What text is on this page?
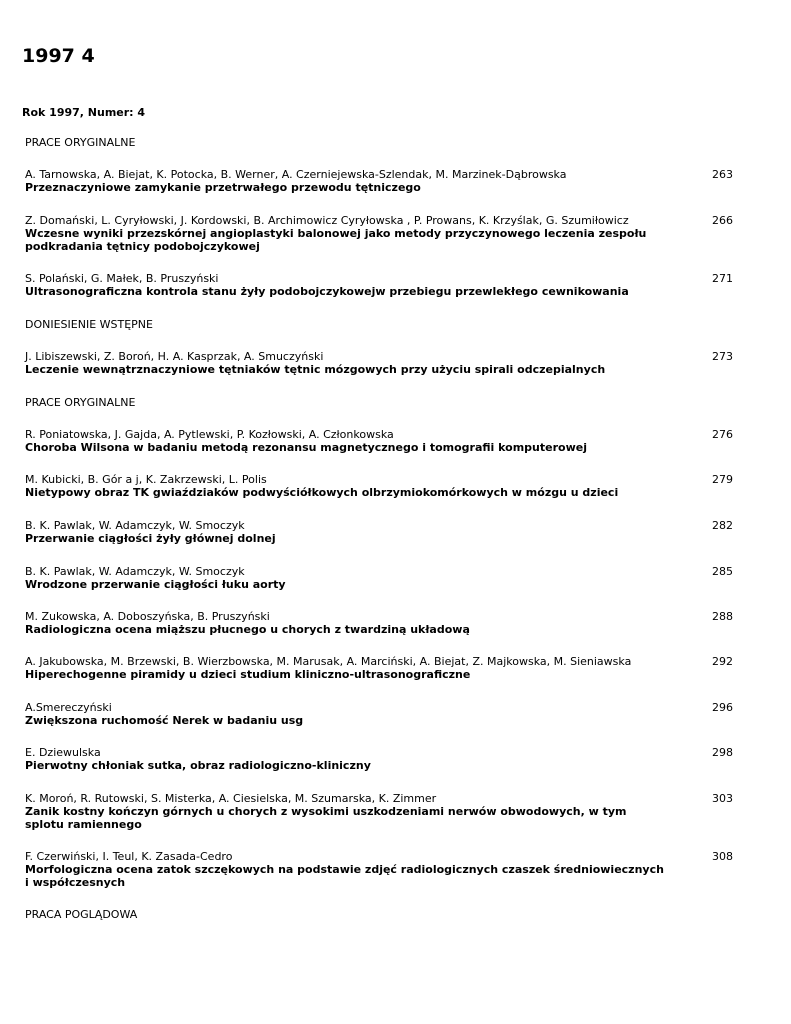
1997 4
Rok 1997, Numer: 4
PRACE ORYGINALNE
A. Tarnowska, A. Biejat, K. Potocka, B. Werner, A. Czerniejewska-Szlendak, M. Marzinek-Dąbrowska
Przeznaczyniowe zamykanie przetrwałego przewodu tętniczego
263
Z. Domański, L. Cyryłowski, J. Kordowski, B. Archimowicz Cyryłowska , P. Prowans, K. Krzyślak, G. Szumiłowicz
Wczesne wyniki przezskórnej angioplastyki balonowej jako metody przyczynowego leczenia zespołu podkradania tętnicy podobojczykowej
266
S. Polański, G. Małek, B. Pruszyński
Ultrasonograficzna kontrola stanu żyły podobojczykowejw przebiegu przewlekłego cewnikowania
271
DONIESIENIE WSTĘPNE
J. Libiszewski, Z. Boroń, H. A. Kasprzak, A. Smuczyński
Leczenie wewnątrznaczyniowe tętniaków tętnic mózgowych przy użyciu spirali odczepialnych
273
PRACE ORYGINALNE
R. Poniatowska, J. Gajda, A. Pytlewski, P. Kozłowski, A. Członkowska
Choroba Wilsona w badaniu metodą rezonansu magnetycznego i tomografii komputerowej
276
M. Kubicki, B. Gór a j, K. Zakrzewski, L. Polis
Nietypowy obraz TK gwiaździaków podwyściółkowych olbrzymiokomórkowych w mózgu u dzieci
279
B. K. Pawlak, W. Adamczyk, W. Smoczyk
Przerwanie ciągłości żyły głównej dolnej
282
B. K. Pawlak, W. Adamczyk, W. Smoczyk
Wrodzone przerwanie ciągłości łuku aorty
285
M. Zukowska, A. Doboszyńska, B. Pruszyński
Radiologiczna ocena miąższu płucnego u chorych z twardziną układową
288
A. Jakubowska, M. Brzewski, B. Wierzbowska, M. Marusak, A. Marciński, A. Biejat, Z. Majkowska, M. Sieniawska
Hiperechogenne piramidy u dzieci studium kliniczno-ultrasonograficzne
292
A.Smereczyński
Zwiększona ruchomość Nerek w badaniu usg
296
E. Dziewulska
Pierwotny chłoniak sutka, obraz radiologiczno-kliniczny
298
K. Moroń, R. Rutowski, S. Misterka, A. Ciesielska, M. Szumarska, K. Zimmer
Zanik kostny kończyn górnych u chorych z wysokimi uszkodzeniami nerwów obwodowych, w tym splotu ramiennego
303
F. Czerwiński, I. Teul, K. Zasada-Cedro
Morfologiczna ocena zatok szczękowych na podstawie zdjęć radiologicznych czaszek średniowiecznych i współczesnych
308
PRACA POGLĄDOWA
